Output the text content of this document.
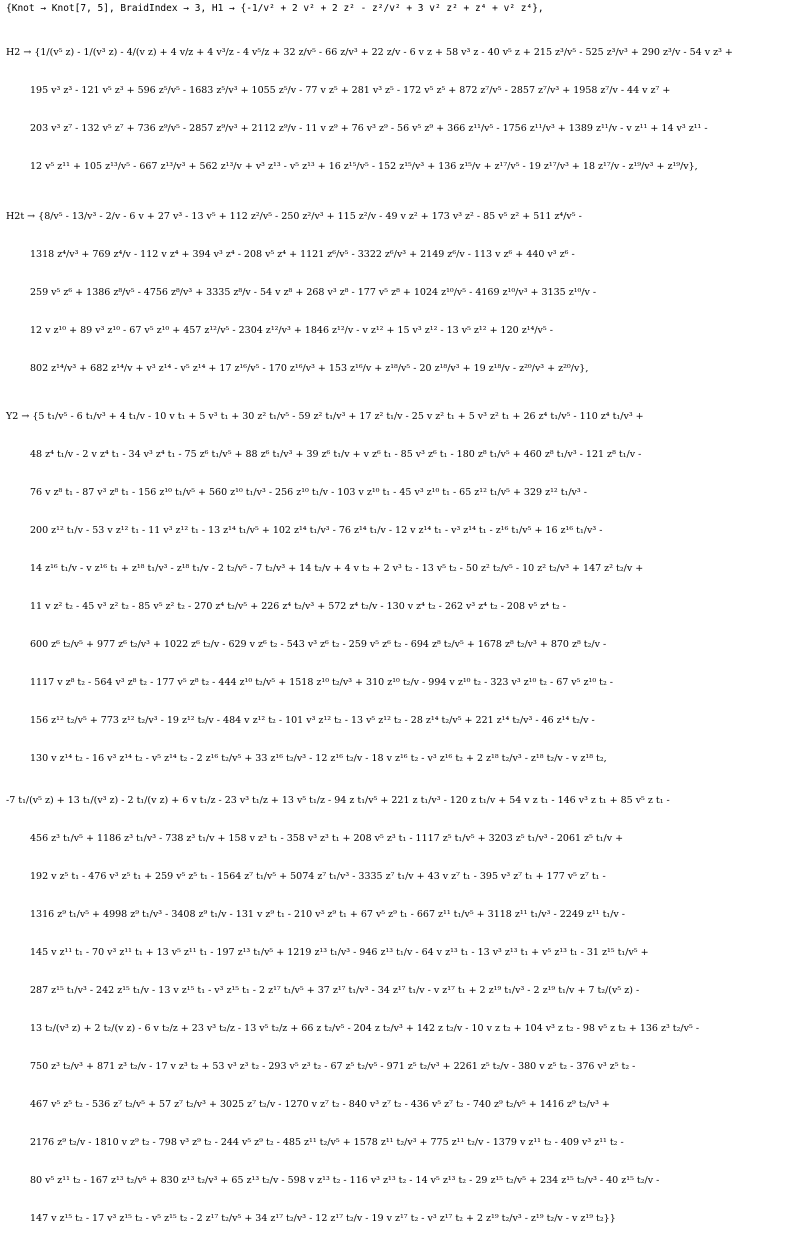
{Knot → Knot[7, 5], BraidIndex → 3, H1 → {-1/v² + 2 v² + 2 z² - z²/v² + 3 v² z² + z⁴ + v² z⁴},
H2 → {1/(v⁵ z) - 1/(v³ z) - 4/(v z) + 4 v/z + 4 v³/z - 4 v⁵/z + 32 z/v⁵ - 66 z/v³ + 22 z/v - 6 v z + 58 v³ z - 40 v⁵ z + 215 z³/v⁵ - 525 z³/v³ + 290 z³/v - 54 v z³ +
195 v³ z³ - 121 v⁵ z³ + 596 z⁵/v⁵ - 1683 z⁵/v³ + 1055 z⁵/v - 77 v z⁵ + 281 v³ z⁵ - 172 v⁵ z⁵ + 872 z⁷/v⁵ - 2857 z⁷/v³ + 1958 z⁷/v - 44 v z⁷ +
203 v³ z⁷ - 132 v⁵ z⁷ + 736 z⁹/v⁵ - 2857 z⁹/v³ + 2112 z⁹/v - 11 v z⁹ + 76 v³ z⁹ - 56 v⁵ z⁹ + 366 z¹¹/v⁵ - 1756 z¹¹/v³ + 1389 z¹¹/v - v z¹¹ + 14 v³ z¹¹ -
12 v⁵ z¹¹ + 105 z¹³/v⁵ - 667 z¹³/v³ + 562 z¹³/v + v³ z¹³ - v⁵ z¹³ + 16 z¹⁵/v⁵ - 152 z¹⁵/v³ + 136 z¹⁵/v + z¹⁷/v⁵ - 19 z¹⁷/v³ + 18 z¹⁷/v - z¹⁹/v³ + z¹⁹/v},
H2t → {8/v⁵ - 13/v³ - 2/v - 6 v + 27 v³ - 13 v⁵ + 112 z²/v⁵ - 250 z²/v³ + 115 z²/v - 49 v z² + 173 v³ z² - 85 v⁵ z² + 511 z⁴/v⁵ -
1318 z⁴/v³ + 769 z⁴/v - 112 v z⁴ + 394 v³ z⁴ - 208 v⁵ z⁴ + 1121 z⁶/v⁵ - 3322 z⁶/v³ + 2149 z⁶/v - 113 v z⁶ + 440 v³ z⁶ -
259 v⁵ z⁶ + 1386 z⁸/v⁵ - 4756 z⁸/v³ + 3335 z⁸/v - 54 v z⁸ + 268 v³ z⁸ - 177 v⁵ z⁸ + 1024 z¹⁰/v⁵ - 4169 z¹⁰/v³ + 3135 z¹⁰/v -
12 v z¹⁰ + 89 v³ z¹⁰ - 67 v⁵ z¹⁰ + 457 z¹²/v⁵ - 2304 z¹²/v³ + 1846 z¹²/v - v z¹² + 15 v³ z¹² - 13 v⁵ z¹² + 120 z¹⁴/v⁵ -
802 z¹⁴/v³ + 682 z¹⁴/v + v³ z¹⁴ - v⁵ z¹⁴ + 17 z¹⁶/v⁵ - 170 z¹⁶/v³ + 153 z¹⁶/v + z¹⁸/v⁵ - 20 z¹⁸/v³ + 19 z¹⁸/v - z²⁰/v³ + z²⁰/v},
Y2 → {5 t₁/v⁵ - 6 t₁/v³ + 4 t₁/v - 10 v t₁ + 5 v³ t₁ + 30 z² t₁/v⁵ - 59 z² t₁/v³ + 17 z² t₁/v - 25 v z² t₁ + 5 v³ z² t₁ + 26 z⁴ t₁/v⁵ - 110 z⁴ t₁/v³ +
48 z⁴ t₁/v - 2 v z⁴ t₁ - 34 v³ z⁴ t₁ - 75 z⁶ t₁/v⁵ + 88 z⁶ t₁/v³ + 39 z⁶ t₁/v + v z⁶ t₁ - 85 v³ z⁶ t₁ - 180 z⁸ t₁/v⁵ + 460 z⁸ t₁/v³ - 121 z⁸ t₁/v -
76 v z⁸ t₁ - 87 v³ z⁸ t₁ - 156 z¹⁰ t₁/v⁵ + 560 z¹⁰ t₁/v³ - 256 z¹⁰ t₁/v - 103 v z¹⁰ t₁ - 45 v³ z¹⁰ t₁ - 65 z¹² t₁/v⁵ + 329 z¹² t₁/v³ -
200 z¹² t₁/v - 53 v z¹² t₁ - 11 v³ z¹² t₁ - 13 z¹⁴ t₁/v⁵ + 102 z¹⁴ t₁/v³ - 76 z¹⁴ t₁/v - 12 v z¹⁴ t₁ - v³ z¹⁴ t₁ - z¹⁶ t₁/v⁵ + 16 z¹⁶ t₁/v³ -
14 z¹⁶ t₁/v - v z¹⁶ t₁ + z¹⁸ t₁/v³ - z¹⁸ t₁/v - 2 t₂/v⁵ - 7 t₂/v³ + 14 t₂/v + 4 v t₂ + 2 v³ t₂ - 13 v⁵ t₂ - 50 z² t₂/v⁵ - 10 z² t₂/v³ + 147 z² t₂/v +
11 v z² t₂ - 45 v³ z² t₂ - 85 v⁵ z² t₂ - 270 z⁴ t₂/v⁵ + 226 z⁴ t₂/v³ + 572 z⁴ t₂/v - 130 v z⁴ t₂ - 262 v³ z⁴ t₂ - 208 v⁵ z⁴ t₂ -
600 z⁶ t₂/v⁵ + 977 z⁶ t₂/v³ + 1022 z⁶ t₂/v - 629 v z⁶ t₂ - 543 v³ z⁶ t₂ - 259 v⁵ z⁶ t₂ - 694 z⁸ t₂/v⁵ + 1678 z⁸ t₂/v³ + 870 z⁸ t₂/v -
1117 v z⁸ t₂ - 564 v³ z⁸ t₂ - 177 v⁵ z⁸ t₂ - 444 z¹⁰ t₂/v⁵ + 1518 z¹⁰ t₂/v³ + 310 z¹⁰ t₂/v - 994 v z¹⁰ t₂ - 323 v³ z¹⁰ t₂ - 67 v⁵ z¹⁰ t₂ -
156 z¹² t₂/v⁵ + 773 z¹² t₂/v³ - 19 z¹² t₂/v - 484 v z¹² t₂ - 101 v³ z¹² t₂ - 13 v⁵ z¹² t₂ - 28 z¹⁴ t₂/v⁵ + 221 z¹⁴ t₂/v³ - 46 z¹⁴ t₂/v -
130 v z¹⁴ t₂ - 16 v³ z¹⁴ t₂ - v⁵ z¹⁴ t₂ - 2 z¹⁶ t₂/v⁵ + 33 z¹⁶ t₂/v³ - 12 z¹⁶ t₂/v - 18 v z¹⁶ t₂ - v³ z¹⁶ t₂ + 2 z¹⁸ t₂/v³ - z¹⁸ t₂/v - v z¹⁸ t₂,
-7 t₁/(v⁵ z) + 13 t₁/(v³ z) - 2 t₁/(v z) + 6 v t₁/z - 23 v³ t₁/z + 13 v⁵ t₁/z - 94 z t₁/v⁵ + 221 z t₁/v³ - 120 z t₁/v + 54 v z t₁ - 146 v³ z t₁ + 85 v⁵ z t₁ -
456 z³ t₁/v⁵ + 1186 z³ t₁/v³ - 738 z³ t₁/v + 158 v z³ t₁ - 358 v³ z³ t₁ + 208 v⁵ z³ t₁ - 1117 z⁵ t₁/v⁵ + 3203 z⁵ t₁/v³ - 2061 z⁵ t₁/v +
192 v z⁵ t₁ - 476 v³ z⁵ t₁ + 259 v⁵ z⁵ t₁ - 1564 z⁷ t₁/v⁵ + 5074 z⁷ t₁/v³ - 3335 z⁷ t₁/v + 43 v z⁷ t₁ - 395 v³ z⁷ t₁ + 177 v⁵ z⁷ t₁ -
1316 z⁹ t₁/v⁵ + 4998 z⁹ t₁/v³ - 3408 z⁹ t₁/v - 131 v z⁹ t₁ - 210 v³ z⁹ t₁ + 67 v⁵ z⁹ t₁ - 667 z¹¹ t₁/v⁵ + 3118 z¹¹ t₁/v³ - 2249 z¹¹ t₁/v -
145 v z¹¹ t₁ - 70 v³ z¹¹ t₁ + 13 v⁵ z¹¹ t₁ - 197 z¹³ t₁/v⁵ + 1219 z¹³ t₁/v³ - 946 z¹³ t₁/v - 64 v z¹³ t₁ - 13 v³ z¹³ t₁ + v⁵ z¹³ t₁ - 31 z¹⁵ t₁/v⁵ +
287 z¹⁵ t₁/v³ - 242 z¹⁵ t₁/v - 13 v z¹⁵ t₁ - v³ z¹⁵ t₁ - 2 z¹⁷ t₁/v⁵ + 37 z¹⁷ t₁/v³ - 34 z¹⁷ t₁/v - v z¹⁷ t₁ + 2 z¹⁹ t₁/v³ - 2 z¹⁹ t₁/v + 7 t₂/(v⁵ z) -
13 t₂/(v³ z) + 2 t₂/(v z) - 6 v t₂/z + 23 v³ t₂/z - 13 v⁵ t₂/z + 66 z t₂/v⁵ - 204 z t₂/v³ + 142 z t₂/v - 10 v z t₂ + 104 v³ z t₂ - 98 v⁵ z t₂ + 136 z³ t₂/v⁵ -
750 z³ t₂/v³ + 871 z³ t₂/v - 17 v z³ t₂ + 53 v³ z³ t₂ - 293 v⁵ z³ t₂ - 67 z⁵ t₂/v⁵ - 971 z⁵ t₂/v³ + 2261 z⁵ t₂/v - 380 v z⁵ t₂ - 376 v³ z⁵ t₂ -
467 v⁵ z⁵ t₂ - 536 z⁷ t₂/v⁵ + 57 z⁷ t₂/v³ + 3025 z⁷ t₂/v - 1270 v z⁷ t₂ - 840 v³ z⁷ t₂ - 436 v⁵ z⁷ t₂ - 740 z⁹ t₂/v⁵ + 1416 z⁹ t₂/v³ +
2176 z⁹ t₂/v - 1810 v z⁹ t₂ - 798 v³ z⁹ t₂ - 244 v⁵ z⁹ t₂ - 485 z¹¹ t₂/v⁵ + 1578 z¹¹ t₂/v³ + 775 z¹¹ t₂/v - 1379 v z¹¹ t₂ - 409 v³ z¹¹ t₂ -
80 v⁵ z¹¹ t₂ - 167 z¹³ t₂/v⁵ + 830 z¹³ t₂/v³ + 65 z¹³ t₂/v - 598 v z¹³ t₂ - 116 v³ z¹³ t₂ - 14 v⁵ z¹³ t₂ - 29 z¹⁵ t₂/v⁵ + 234 z¹⁵ t₂/v³ - 40 z¹⁵ t₂/v -
147 v z¹⁵ t₂ - 17 v³ z¹⁵ t₂ - v⁵ z¹⁵ t₂ - 2 z¹⁷ t₂/v⁵ + 34 z¹⁷ t₂/v³ - 12 z¹⁷ t₂/v - 19 v z¹⁷ t₂ - v³ z¹⁷ t₂ + 2 z¹⁹ t₂/v³ - z¹⁹ t₂/v - v z¹⁹ t₂}}
